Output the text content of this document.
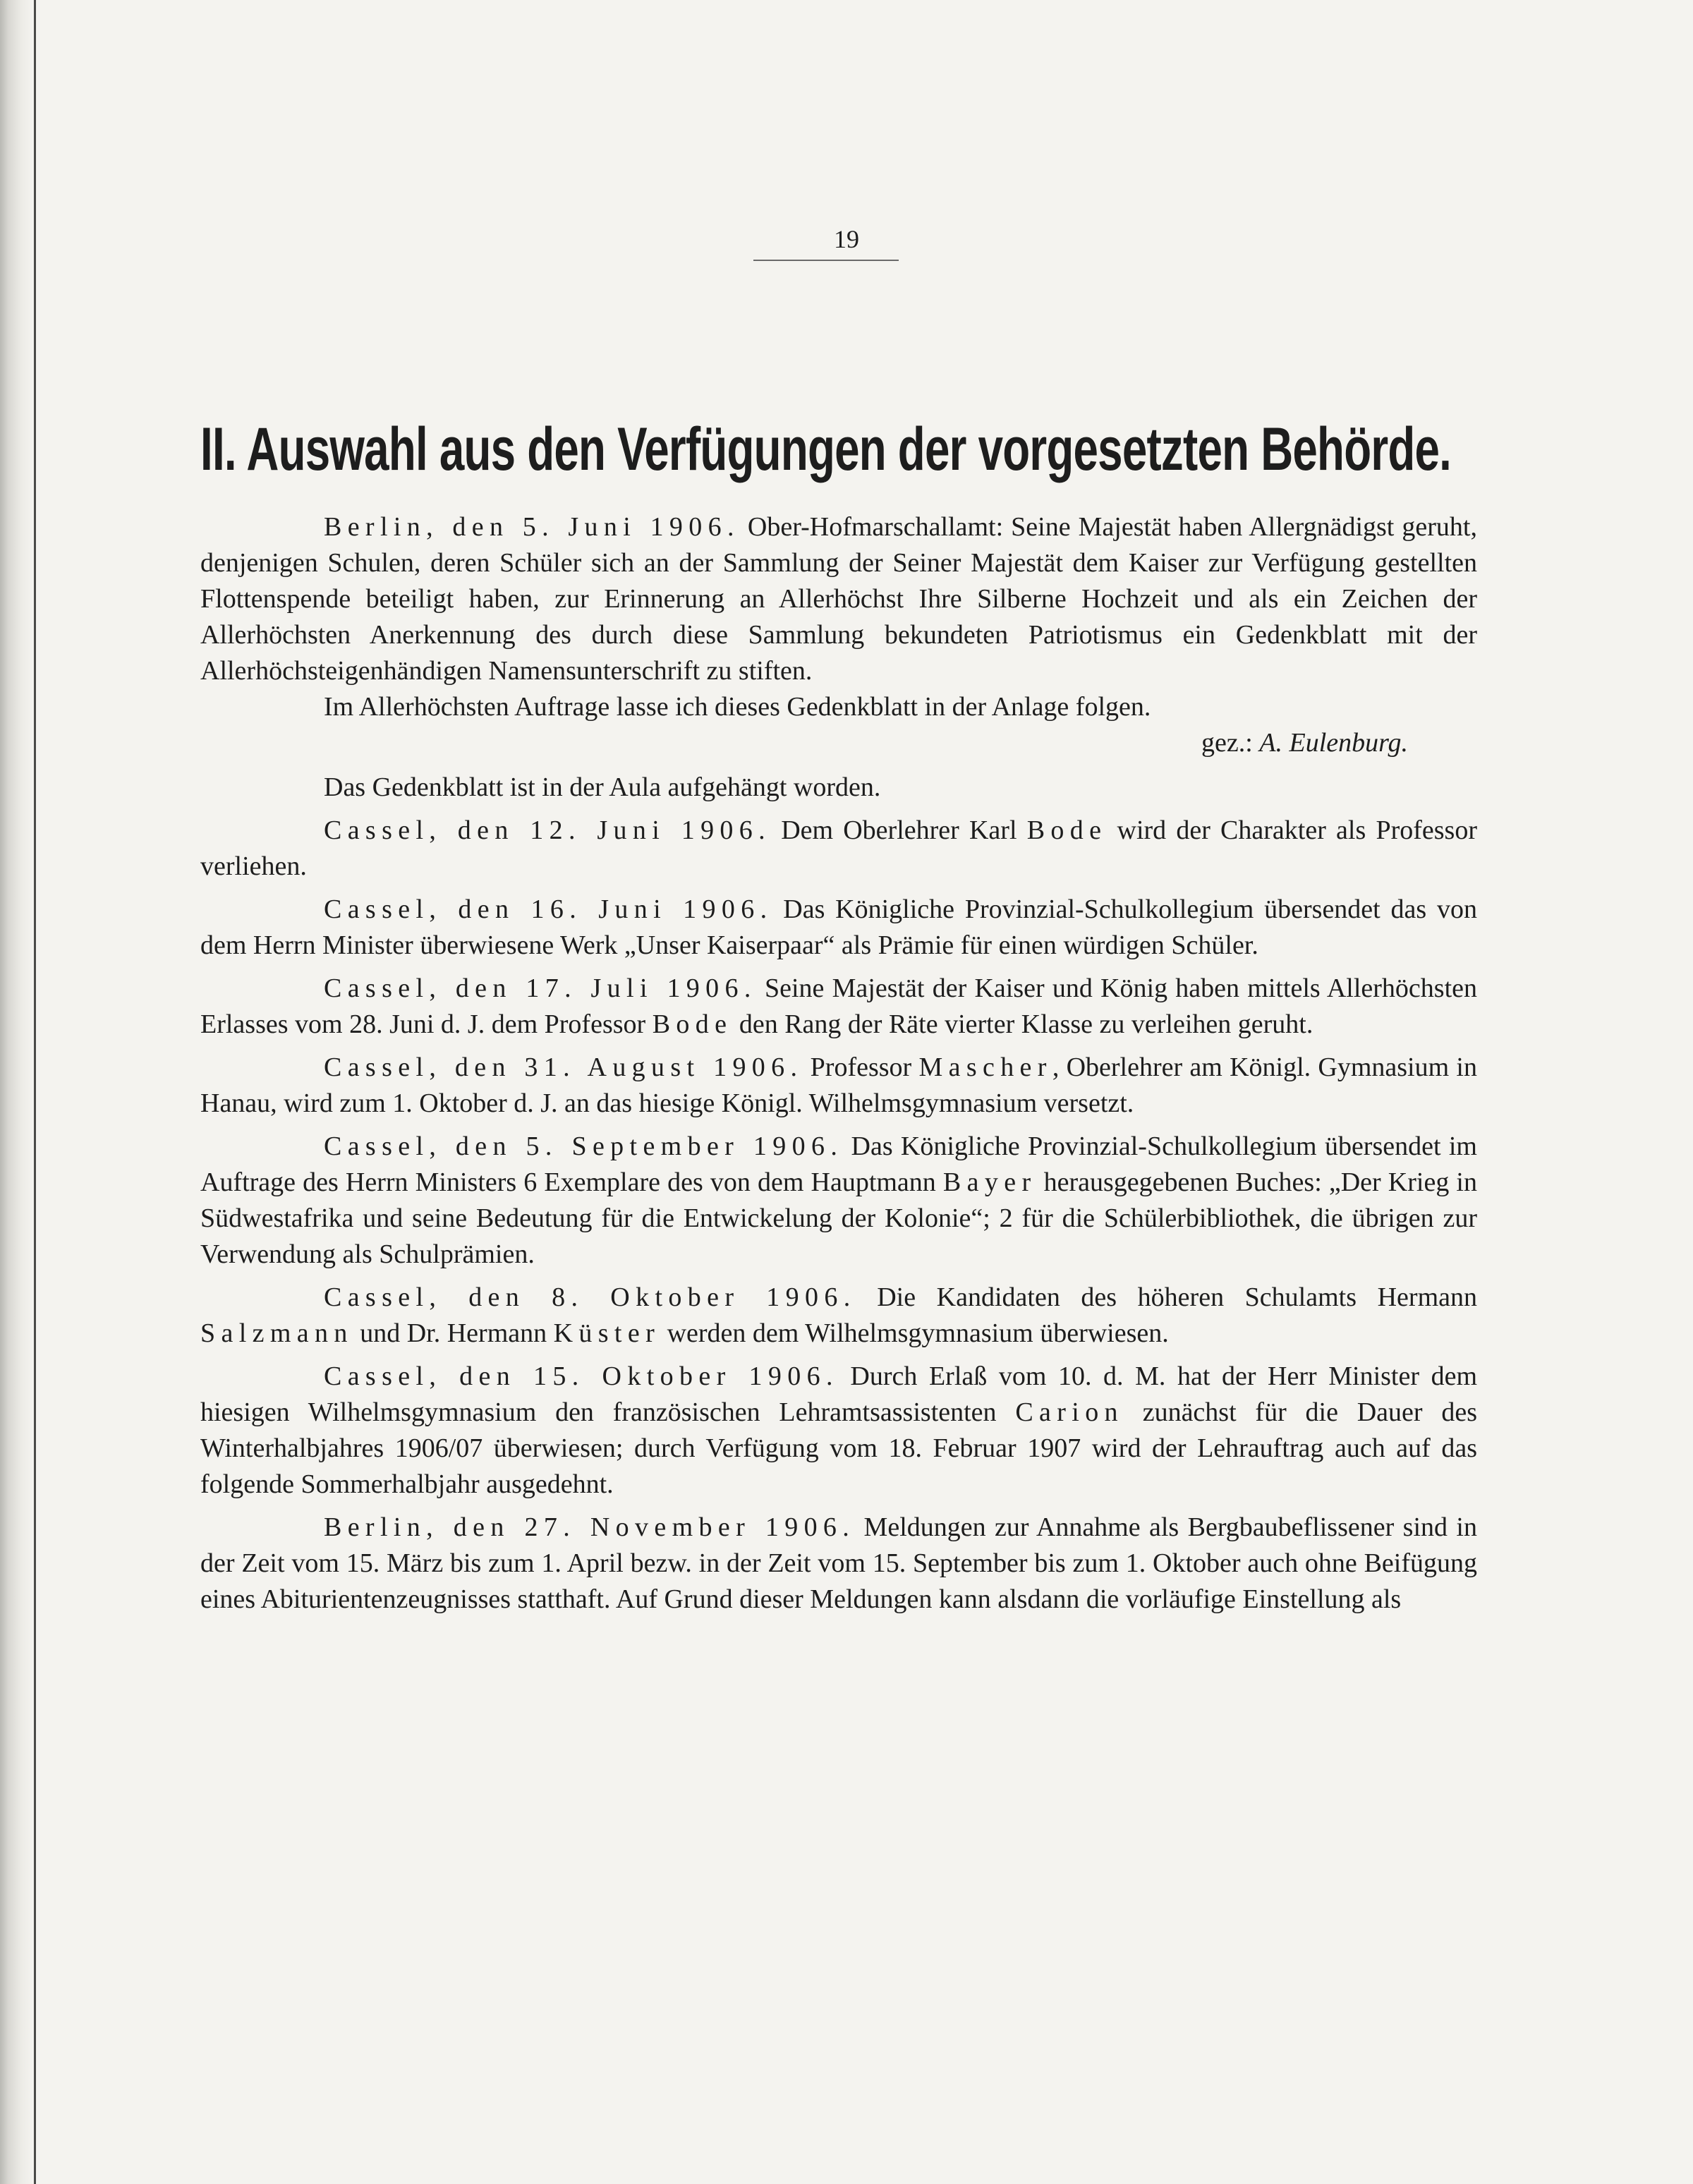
19
II. Auswahl aus den Verfügungen der vorgesetzten Behörde.

Berlin, den 5. Juni 1906. Ober-Hofmarschallamt: Seine Majestät haben Allergnädigst geruht, denjenigen Schulen, deren Schüler sich an der Sammlung der Seiner Majestät dem Kaiser zur Verfügung gestellten Flottenspende beteiligt haben, zur Erinnerung an Allerhöchst Ihre Silberne Hochzeit und als ein Zeichen der Allerhöchsten Anerkennung des durch diese Sammlung bekundeten Patriotismus ein Gedenkblatt mit der Allerhöchsteigenhändigen Namensunterschrift zu stiften.

Im Allerhöchsten Auftrage lasse ich dieses Gedenkblatt in der Anlage folgen.

gez.: A. Eulenburg.

Das Gedenkblatt ist in der Aula aufgehängt worden.

Cassel, den 12. Juni 1906. Dem Oberlehrer Karl Bode wird der Charakter als Professor verliehen.

Cassel, den 16. Juni 1906. Das Königliche Provinzial-Schulkollegium übersendet das von dem Herrn Minister überwiesene Werk „Unser Kaiserpaar“ als Prämie für einen würdigen Schüler.

Cassel, den 17. Juli 1906. Seine Majestät der Kaiser und König haben mittels Allerhöchsten Erlasses vom 28. Juni d. J. dem Professor Bode den Rang der Räte vierter Klasse zu verleihen geruht.

Cassel, den 31. August 1906. Professor Mascher, Oberlehrer am Königl. Gymnasium in Hanau, wird zum 1. Oktober d. J. an das hiesige Königl. Wilhelmsgymnasium versetzt.

Cassel, den 5. September 1906. Das Königliche Provinzial-Schulkollegium übersendet im Auftrage des Herrn Ministers 6 Exemplare des von dem Hauptmann Bayer herausgegebenen Buches: „Der Krieg in Südwestafrika und seine Bedeutung für die Entwickelung der Kolonie“; 2 für die Schülerbibliothek, die übrigen zur Verwendung als Schulprämien.

Cassel, den 8. Oktober 1906. Die Kandidaten des höheren Schulamts Hermann Salzmann und Dr. Hermann Küster werden dem Wilhelmsgymnasium überwiesen.

Cassel, den 15. Oktober 1906. Durch Erlaß vom 10. d. M. hat der Herr Minister dem hiesigen Wilhelmsgymnasium den französischen Lehramtsassistenten Carion zunächst für die Dauer des Winterhalbjahres 1906/07 überwiesen; durch Verfügung vom 18. Februar 1907 wird der Lehrauftrag auch auf das folgende Sommerhalbjahr ausgedehnt.

Berlin, den 27. November 1906. Meldungen zur Annahme als Bergbaubeflissener sind in der Zeit vom 15. März bis zum 1. April bezw. in der Zeit vom 15. September bis zum 1. Oktober auch ohne Beifügung eines Abiturientenzeugnisses statthaft. Auf Grund dieser Meldungen kann alsdann die vorläufige Einstellung als
